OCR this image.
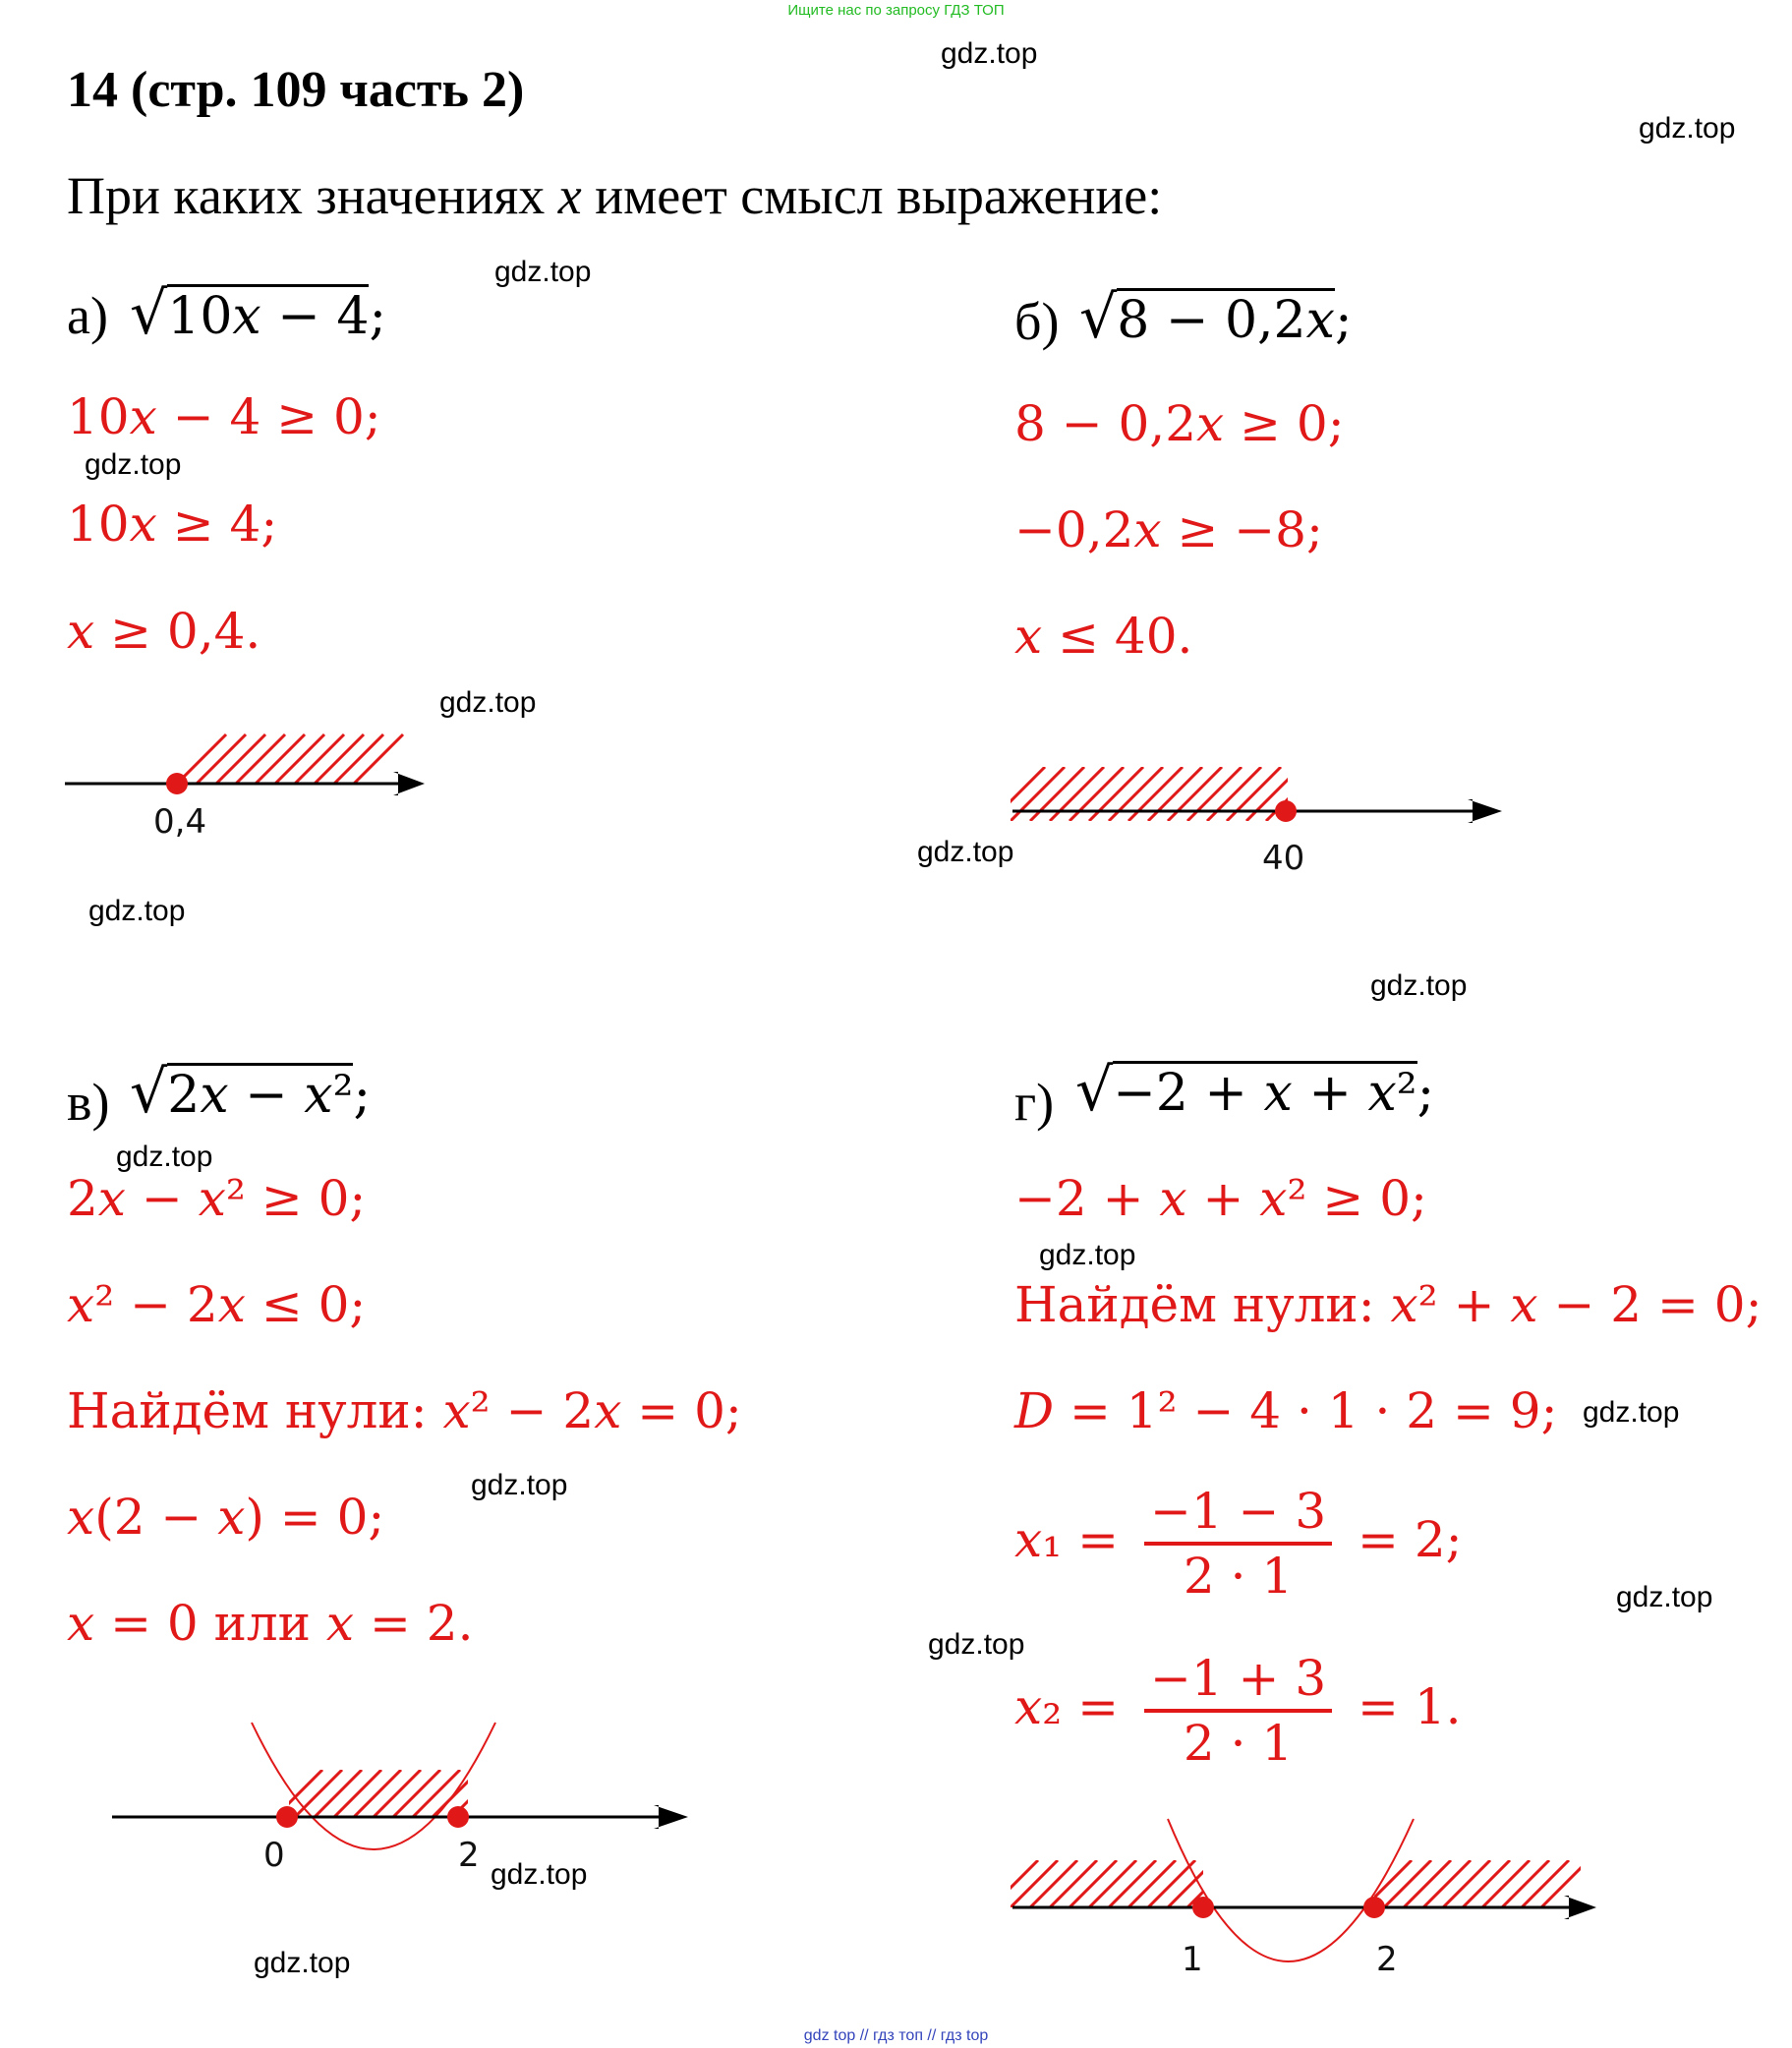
Ищите нас по запросу ГДЗ ТОП
gdz top // гдз топ // гдз top
gdz.top
gdz.top
gdz.top
gdz.top
gdz.top
gdz.top
gdz.top
gdz.top
gdz.top
gdz.top
gdz.top
gdz.top
gdz.top
gdz.top
gdz.top
gdz.top
14 (стр. 109 часть 2)
При каких значениях x имеет смысл выражение:
а) √10𝑥 − 4;
10𝑥 − 4 ≥ 0;
10𝑥 ≥ 4;
𝑥 ≥ 0,4.
0,4
б) √8 − 0,2𝑥;
8 − 0,2𝑥 ≥ 0;
−0,2𝑥 ≥ −8;
𝑥 ≤ 40.
40
в) √2𝑥 − 𝑥²;
2𝑥 − 𝑥² ≥ 0;
𝑥² − 2𝑥 ≤ 0;
Найдём нули: 𝑥² − 2𝑥 = 0;
𝑥(2 − 𝑥) = 0;
𝑥 = 0 или 𝑥 = 2.
0	2
г) √−2 + 𝑥 + 𝑥²;
−2 + 𝑥 + 𝑥² ≥ 0;
Найдём нули: 𝑥² + 𝑥 − 2 = 0;
𝐷 = 1² − 4 · 1 · 2 = 9;
𝑥₁ = $\frac{-1 - 3}{2 \cdot 1} = 2$;
𝑥₂ = $\frac{-1 + 3}{2 \cdot 1} = 1$.
1	2
